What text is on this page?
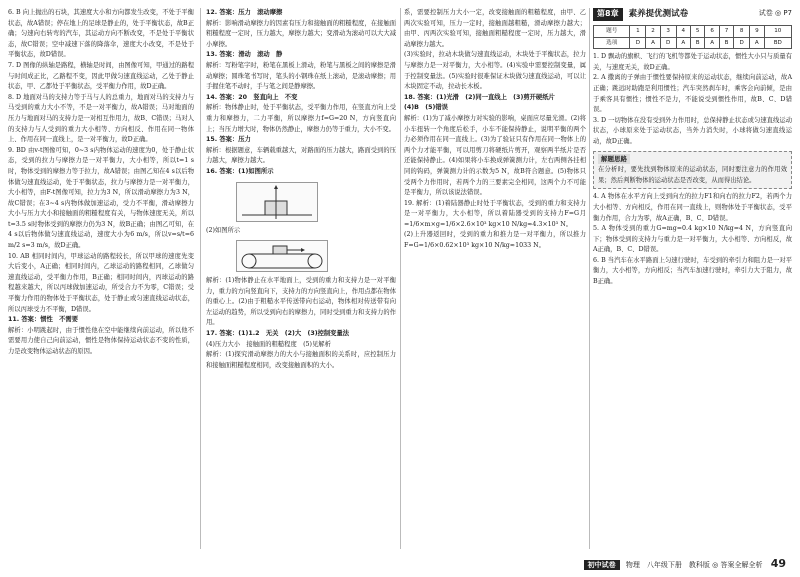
6. B 向上抛出的石块，其速度大小和方向都发生改变，不处于平衡状态，故A错误；停在地上的足球是静止的，处于平衡状态，故B正确；匀速向右转弯的汽车，其运动方向不断改变，不是处于平衡状态，故C错误；空中减速下落的降落伞，速度大小改变，不是处于平衡状态，故D错误。

7. D 图像的纵轴是路程，横轴是时间，由图像可知，甲通过的路程与时间成正比，乙路程不变，因此甲做匀速直线运动，乙处于静止状态，甲、乙都处于平衡状态，受平衡力作用，故D正确。

8. D 地面对马的支持力等于马与人的总重力，地面对马的支持力与马受到的重力大小不等，不是一对平衡力，故A错误；马对地面的压力与地面对马的支持力是一对相互作用力，故B、C错误；马对人的支持力与人受到的重力大小相等、方向相反、作用在同一物体上、作用在同一直线上，是一对平衡力，故D正确。

9. BD 由v-t图像可知，0~3 s内物体运动的速度为0，处于静止状态，受到的拉力与摩擦力是一对平衡力，大小相等，所以t=1 s时，物体受到的摩擦力等于拉力，故A错误；由图乙知在4 s以后物体做匀速直线运动，处于平衡状态，拉力与摩擦力是一对平衡力，大小相等，由F-t图像可知，拉力为3 N，所以滑动摩擦力为3 N，故C错误；在3~4 s内物体做加速运动，受力不平衡，滑动摩擦力大小与压力大小和接触面的粗糙程度有关，与物体速度无关，所以t=3.5 s时物体受到的摩擦力仍为3 N，故B正确；由图乙可知，在4 s以后物体做匀速直线运动，速度大小为6 m/s，所以v=s/t=6 m/2 s=3 m/s，故D正确。

10. AB 相同时间内，甲球运动的路程较长，所以甲球的速度先变大后变小，A正确；相同时间内，乙球运动的路程相同，乙球做匀速直线运动，受平衡力作用，B正确；相同时间内，丙球运动的路程越来越大，所以丙球做加速运动，所受合力不为零，C错误；受平衡力作用的物体处于平衡状态，处于静止或匀速直线运动状态，所以丙球受力不平衡，D错误。

11. 答案：惯性　不需要

解析：小明跳起时，由于惯性他在空中能继续向前运动，所以他不需要用力使自己向前运动，惯性是物体保持运动状态不变的性质，力是改变物体运动状态的原因。

12. 答案：压力　滚动摩擦

解析：影响滑动摩擦力的因素有压力和接触面的粗糙程度，在接触面粗糙程度一定时，压力越大，摩擦力越大；变滑动为滚动可以大大减小摩擦。

13. 答案：滑动　滚动　静

解析：写粉笔字时，粉笔在黑板上滑动，粉笔与黑板之间的摩擦是滑动摩擦；圆珠笔书写时，笔头的小钢珠在纸上滚动，是滚动摩擦；用手握住笔不动时，手与笔之间是静摩擦。

14. 答案：20　竖直向上　不变

解析：物体静止时，处于平衡状态，受平衡力作用，在竖直方向上受重力和摩擦力，二力平衡，所以摩擦力f=G=20 N，方向竖直向上；当压力增大时，物体仍然静止，摩擦力仍等于重力，大小不变。

15. 答案：压力

解析：根据题意，车辆载重越大，对路面的压力越大，路面受到的压力越大，摩擦力越大。

16. 答案：(1)如图所示

(2)如图所示

解析：(1)物体静止在水平地面上，受到的重力和支持力是一对平衡力，重力的方向竖直向下，支持力的方向竖直向上，作用点都在物体的重心上。(2)由于粗糙水平传送带向右运动，物体相对传送带有向左运动的趋势，所以受到向右的摩擦力，同时受到重力和支持力的作用。

17. 答案：(1)1.2　无关　(2)大　(3)控制变量法

(4)压力大小　接触面的粗糙程度　(5)见解析

解析：(1)探究滑动摩擦力的大小与接触面积的关系时，应控制压力和接触面粗糙程度相同，改变接触面积的大小。

系，需要控制压力大小一定，改变接触面的粗糙程度，由甲、乙两次实验可知，压力一定时，接触面越粗糙，滑动摩擦力越大；由甲、丙两次实验可知，接触面粗糙程度一定时，压力越大，滑动摩擦力越大。

(3)实验时，拉动木块做匀速直线运动，木块处于平衡状态，拉力与摩擦力是一对平衡力，大小相等。(4)实验中需要控制变量，属于控制变量法。(5)实验时很难保证木块做匀速直线运动，可以让木块固定不动，拉动长木板。

18. 答案：(1)光滑　(2)同一直线上　(3)剪开硬纸片

(4)B　(5)错误

解析：(1)为了减小摩擦力对实验的影响，桌面应尽量光滑。(2)将小车扭转一个角度后松手，小车不能保持静止，说明平衡的两个力必须作用在同一直线上。(3)为了验证只有作用在同一物体上的两个力才能平衡，可以用剪刀将硬纸片剪开，观察两半纸片是否还能保持静止。(4)如果将小车换成弹簧测力计，左右两侧各挂相同的钩码，弹簧测力计的示数为5 N，故B符合题意。(5)物体只受两个力作用时，若两个力的三要素完全相同，这两个力不可能是平衡力，所以该说法错误。

19. 解析：(1)着陆器静止时处于平衡状态，受到的重力和支持力是一对平衡力，大小相等，所以着陆器受到的支持力F=G月=1/6×m×g=1/6×2.6×10³ kg×10 N/kg≈4.3×10³ N。

(2)上升器返回时，受到的重力和推力是一对平衡力，所以推力F=G=1/6×0.62×10³ kg×10 N/kg≈1033 N。

第8章 素养提优测试卷	试卷 ◎ P7
题号	1	2	3	4	5	6	7	8	9	10
选项	D	A	D	A	B	A	B	D	A	BD

1. D 飘动的旗帜、飞行的飞机等都处于运动状态，惯性大小只与质量有关，与速度无关，故D正确。

2. A 撒离的子弹由于惯性要保持原来的运动状态，继续向前运动，故A正确；跳远时助跑是利用惯性；汽车突然刹车时，乘客会向前倾，是由于乘客具有惯性；惯性不是力，不能说受到惯性作用，故B、C、D错误。

3. D 一切物体在没有受到外力作用时，总保持静止状态或匀速直线运动状态，小球原来处于运动状态，当外力消失时，小球将做匀速直线运动，故D正确。

解题思路

在分析时，要先找到物体原来的运动状态，同时要注意力的作用效果；然后判断物体的运动状态是否改变，从而得出结论。

4. A 物体在水平方向上受到向左的拉力F1和向右的拉力F2，若两个力大小相等、方向相反，作用在同一直线上，则物体处于平衡状态，受平衡力作用，合力为零，故A正确，B、C、D错误。

5. A 物体受到的重力G=mg=0.4 kg×10 N/kg=4 N，方向竖直向下；物体受到的支持力与重力是一对平衡力，大小相等、方向相反，故A正确，B、C、D错误。

6. B 当汽车在水平路面上匀速行驶时，车受到的牵引力和阻力是一对平衡力，大小相等，方向相反；当汽车加速行驶时，牵引力大于阻力，故B正确。

初中试卷 物理　八年级下册　教科版 ◎ 答案全解全析 49
